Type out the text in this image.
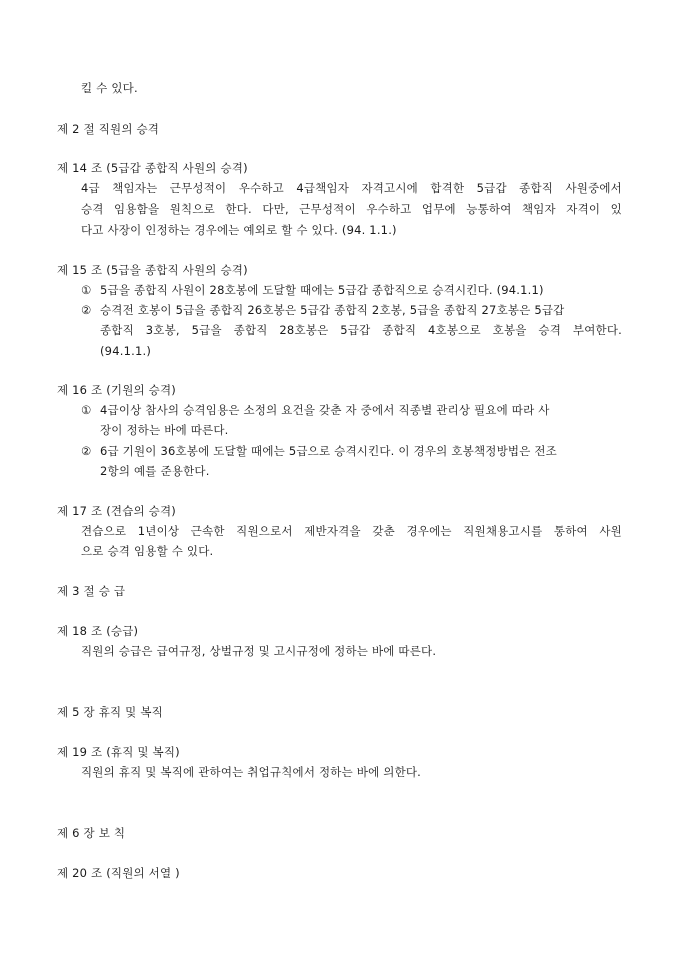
킬 수 있다.
제 2 절 직원의 승격
제 14 조 (5급갑 종합직 사원의 승격)
4급 책임자는 근무성적이 우수하고 4급책임자 자격고시에 합격한 5급갑 종합직 사원중에서
승격 임용함을 원칙으로 한다. 다만, 근무성적이 우수하고 업무에 능통하여 책임자 자격이 있
다고 사장이 인정하는 경우에는 예외로 할 수 있다. (94. 1.1.)
제 15 조 (5급을 종합직 사원의 승격)
① 5급을 종합직 사원이 28호봉에 도달할 때에는 5급갑 종합직으로 승격시킨다. (94.1.1)
② 승격전 호봉이 5급을 종합직 26호봉은 5급갑 종합직 2호봉, 5급을 종합직 27호봉은 5급갑
종합직 3호봉, 5급을 종합직 28호봉은 5급갑 종합직 4호봉으로 호봉을 승격 부여한다.
(94.1.1.)
제 16 조 (기원의 승격)
① 4급이상 참사의 승격임용은 소정의 요건을 갖춘 자 중에서 직종별 관리상 필요에 따라 사
장이 정하는 바에 따른다.
② 6급 기원이 36호봉에 도달할 때에는 5급으로 승격시킨다. 이 경우의 호봉책정방법은 전조
2항의 예를 준용한다.
제 17 조 (견습의 승격)
견습으로 1년이상 근속한 직원으로서 제반자격을 갖춘 경우에는 직원채용고시를 통하여 사원
으로 승격 임용할 수 있다.
제 3 절 승 급
제 18 조 (승급)
직원의 승급은 급여규정, 상벌규정 및 고시규정에 정하는 바에 따른다.
제 5 장 휴직 및 복직
제 19 조 (휴직 및 복직)
직원의 휴직 및 복직에 관하여는 취업규칙에서 정하는 바에 의한다.
제 6 장 보 칙
제 20 조 (직원의 서열 )
